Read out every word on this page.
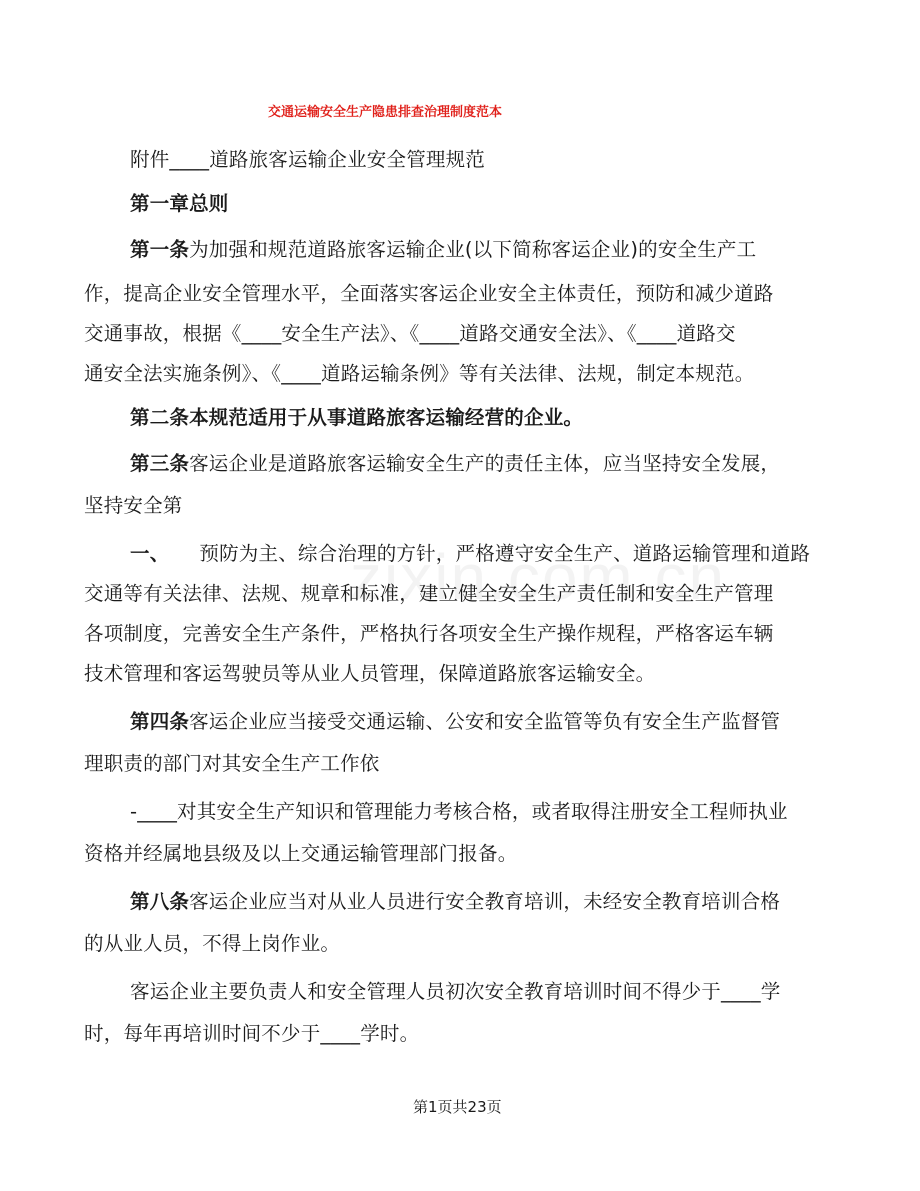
交通运输安全生产隐患排查治理制度范本
附件____道路旅客运输企业安全管理规范
第一章总则
第一条为加强和规范道路旅客运输企业(以下简称客运企业)的安全生产工
作，提高企业安全管理水平，全面落实客运企业安全主体责任，预防和减少道路
交通事故，根据《____安全生产法》、《____道路交通安全法》、《____道路交
通安全法实施条例》、《____道路运输条例》等有关法律、法规，制定本规范。
第二条本规范适用于从事道路旅客运输经营的企业。
第三条客运企业是道路旅客运输安全生产的责任主体，应当坚持安全发展，
坚持安全第
一、 预防为主、综合治理的方针，严格遵守安全生产、道路运输管理和道路
交通等有关法律、法规、规章和标准，建立健全安全生产责任制和安全生产管理
各项制度，完善安全生产条件，严格执行各项安全生产操作规程，严格客运车辆
技术管理和客运驾驶员等从业人员管理，保障道路旅客运输安全。
第四条客运企业应当接受交通运输、公安和安全监管等负有安全生产监督管
理职责的部门对其安全生产工作依
-____对其安全生产知识和管理能力考核合格，或者取得注册安全工程师执业
资格并经属地县级及以上交通运输管理部门报备。
第八条客运企业应当对从业人员进行安全教育培训，未经安全教育培训合格
的从业人员，不得上岗作业。
客运企业主要负责人和安全管理人员初次安全教育培训时间不得少于____学
时，每年再培训时间不少于____学时。
第1页共23页
